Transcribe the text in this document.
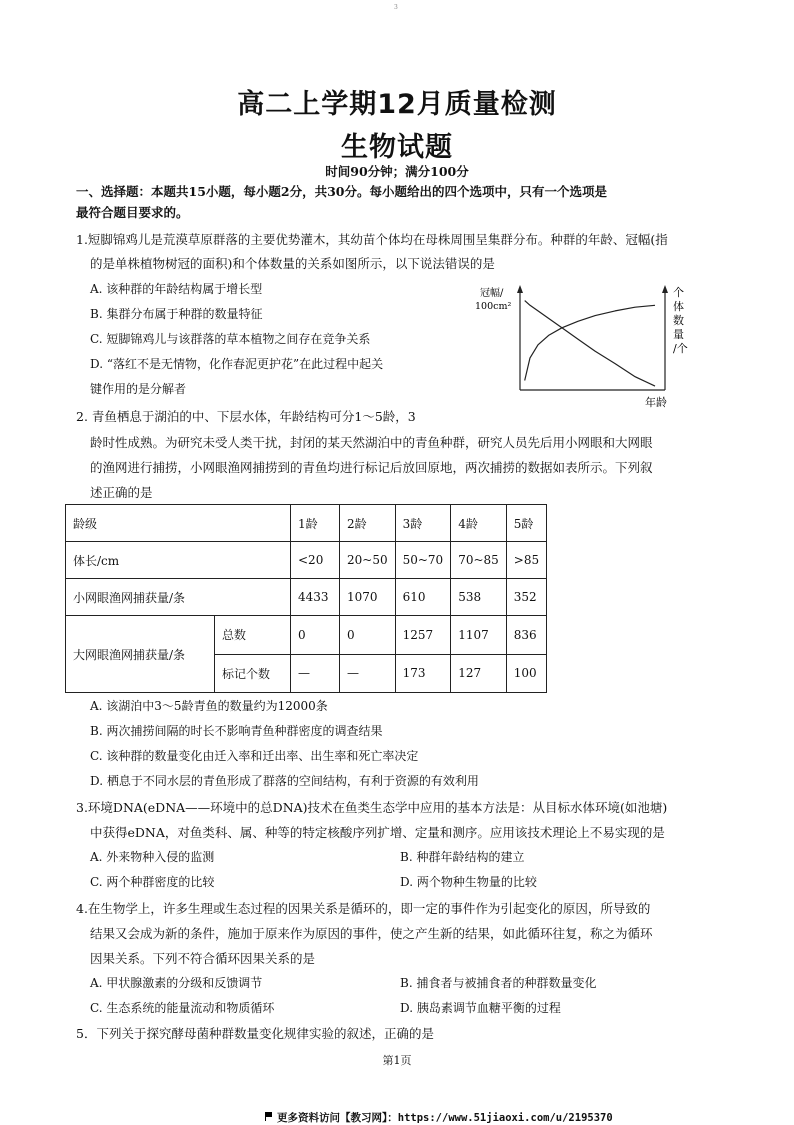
3
高二上学期12月质量检测
生物试题
时间90分钟；满分100分
一、选择题：本题共15小题，每小题2分，共30分。每小题给出的四个选项中，只有一个选项是
最符合题目要求的。
1.短脚锦鸡儿是荒漠草原群落的主要优势灌木，其幼苗个体均在母株周围呈集群分布。种群的年龄、冠幅(指
的是单株植物树冠的面积)和个体数量的关系如图所示，以下说法错误的是
A. 该种群的年龄结构属于增长型
B. 集群分布属于种群的数量特征
C. 短脚锦鸡儿与该群落的草本植物之间存在竞争关系
D. “落红不是无情物，化作春泥更护花”在此过程中起关
键作用的是分解者
冠幅/
100cm²
个
体
数
量
/个
年龄
2. 青鱼栖息于湖泊的中、下层水体，年龄结构可分1～5龄，3
龄时性成熟。为研究未受人类干扰，封闭的某天然湖泊中的青鱼种群，研究人员先后用小网眼和大网眼
的渔网进行捕捞，小网眼渔网捕捞到的青鱼均进行标记后放回原地，两次捕捞的数据如表所示。下列叙
述正确的是
龄级		1龄	2龄	3龄	4龄	5龄
体长/cm		<20	20~50	50~70	70~85	>85
小网眼渔网捕获量/条		4433	1070	610	538	352
大网眼渔网捕获量/条	总数	0	0	1257	1107	836
	标记个数	—	—	173	127	100
A. 该湖泊中3～5龄青鱼的数量约为12000条
B. 两次捕捞间隔的时长不影响青鱼种群密度的调查结果
C. 该种群的数量变化由迁入率和迁出率、出生率和死亡率决定
D. 栖息于不同水层的青鱼形成了群落的空间结构，有利于资源的有效利用
3.环境DNA(eDNA——环境中的总DNA)技术在鱼类生态学中应用的基本方法是：从目标水体环境(如池塘)
中获得eDNA，对鱼类科、属、种等的特定核酸序列扩增、定量和测序。应用该技术理论上不易实现的是
A. 外来物种入侵的监测	B. 种群年龄结构的建立
C. 两个种群密度的比较	D. 两个物种生物量的比较
4.在生物学上，许多生理或生态过程的因果关系是循环的，即一定的事件作为引起变化的原因，所导致的
结果又会成为新的条件，施加于原来作为原因的事件，使之产生新的结果，如此循环往复，称之为循环
因果关系。下列不符合循环因果关系的是
A. 甲状腺激素的分级和反馈调节	B. 捕食者与被捕食者的种群数量变化
C. 生态系统的能量流动和物质循环	D. 胰岛素调节血糖平衡的过程
5．下列关于探究酵母菌种群数量变化规律实验的叙述，正确的是
第1页
更多资料访问【教习网】：https://www.51jiaoxi.com/u/2195370
